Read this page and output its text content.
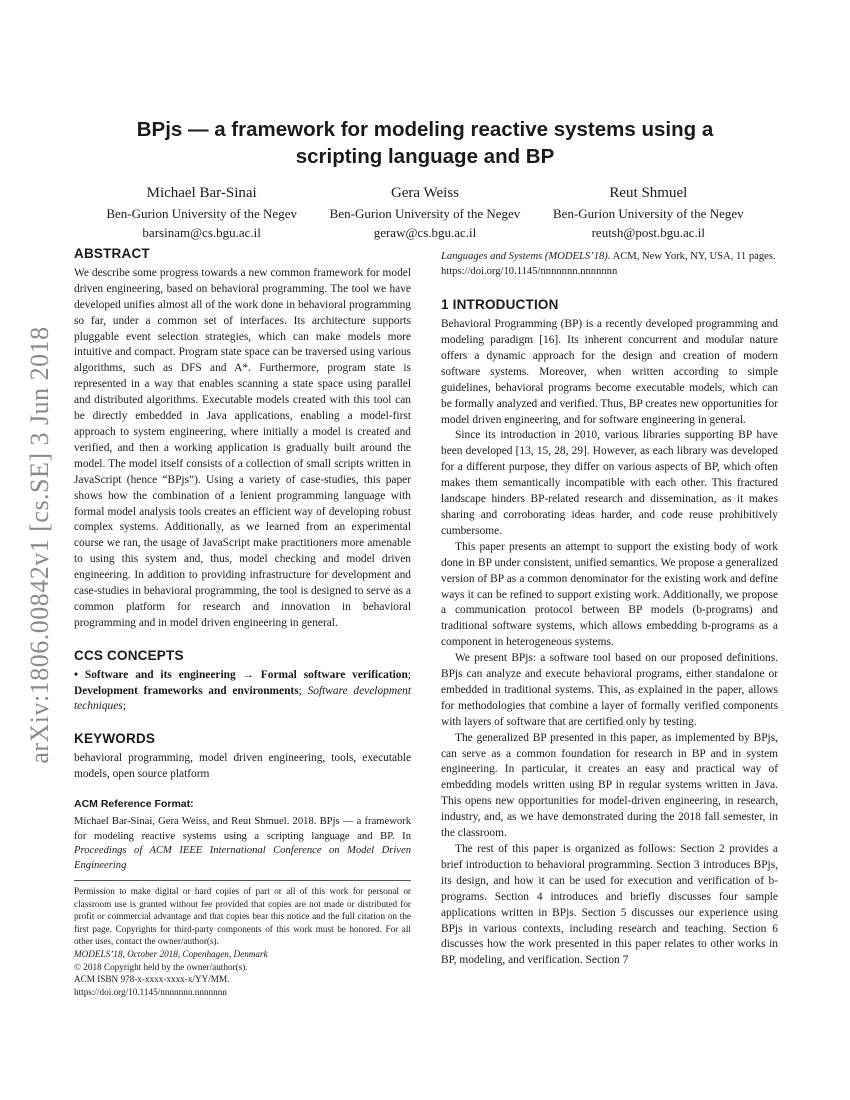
arXiv:1806.00842v1 [cs.SE] 3 Jun 2018
BPjs — a framework for modeling reactive systems using a
scripting language and BP
Michael Bar-Sinai
Ben-Gurion University of the Negev
barsinam@cs.bgu.ac.il
Gera Weiss
Ben-Gurion University of the Negev
geraw@cs.bgu.ac.il
Reut Shmuel
Ben-Gurion University of the Negev
reutsh@post.bgu.ac.il
ABSTRACT

We describe some progress towards a new common framework for model driven engineering, based on behavioral programming. The tool we have developed unifies almost all of the work done in behavioral programming so far, under a common set of interfaces. Its architecture supports pluggable event selection strategies, which can make models more intuitive and compact. Program state space can be traversed using various algorithms, such as DFS and A*. Furthermore, program state is represented in a way that enables scanning a state space using parallel and distributed algorithms. Executable models created with this tool can be directly embedded in Java applications, enabling a model-first approach to system engineering, where initially a model is created and verified, and then a working application is gradually built around the model. The model itself consists of a collection of small scripts written in JavaScript (hence “BPjs”). Using a variety of case-studies, this paper shows how the combination of a lenient programming language with formal model analysis tools creates an efficient way of developing robust complex systems. Additionally, as we learned from an experimental course we ran, the usage of JavaScript make practitioners more amenable to using this system and, thus, model checking and model driven engineering. In addition to providing infrastructure for development and case-studies in behavioral programming, the tool is designed to serve as a common platform for research and innovation in behavioral programming and in model driven engineering in general.

CCS CONCEPTS

• Software and its engineering → Formal software verification; Development frameworks and environments; Software development techniques;

KEYWORDS

behavioral programming, model driven engineering, tools, executable models, open source platform

ACM Reference Format:

Michael Bar-Sinai, Gera Weiss, and Reut Shmuel. 2018. BPjs — a framework for modeling reactive systems using a scripting language and BP. In Proceedings of ACM IEEE International Conference on Model Driven Engineering

Permission to make digital or hard copies of part or all of this work for personal or classroom use is granted without fee provided that copies are not made or distributed for profit or commercial advantage and that copies bear this notice and the full citation on the first page. Copyrights for third-party components of this work must be honored. For all other uses, contact the owner/author(s).
MODELS’18, October 2018, Copenhagen, Denmark
© 2018 Copyright held by the owner/author(s).
ACM ISBN 978-x-xxxx-xxxx-x/YY/MM.
https://doi.org/10.1145/nnnnnnn.nnnnnnn

Languages and Systems (MODELS’18). ACM, New York, NY, USA, 11 pages. https://doi.org/10.1145/nnnnnnn.nnnnnnn

1 INTRODUCTION

Behavioral Programming (BP) is a recently developed programming and modeling paradigm [16]. Its inherent concurrent and modular nature offers a dynamic approach for the design and creation of modern software systems. Moreover, when written according to simple guidelines, behavioral programs become executable models, which can be formally analyzed and verified. Thus, BP creates new opportunities for model driven engineering, and for software engineering in general.

Since its introduction in 2010, various libraries supporting BP have been developed [13, 15, 28, 29]. However, as each library was developed for a different purpose, they differ on various aspects of BP, which often makes them semantically incompatible with each other. This fractured landscape hinders BP-related research and dissemination, as it makes sharing and corroborating ideas harder, and code reuse prohibitively cumbersome.

This paper presents an attempt to support the existing body of work done in BP under consistent, unified semantics. We propose a generalized version of BP as a common denominator for the existing work and define ways it can be refined to support existing work. Additionally, we propose a communication protocol between BP models (b-programs) and traditional software systems, which allows embedding b-programs as a component in heterogeneous systems.

We present BPjs: a software tool based on our proposed definitions. BPjs can analyze and execute behavioral programs, either standalone or embedded in traditional systems. This, as explained in the paper, allows for methodologies that combine a layer of formally verified components with layers of software that are certified only by testing.

The generalized BP presented in this paper, as implemented by BPjs, can serve as a common foundation for research in BP and in system engineering. In particular, it creates an easy and practical way of embedding models written using BP in regular systems written in Java. This opens new opportunities for model-driven engineering, in research, industry, and, as we have demonstrated during the 2018 fall semester, in the classroom.

The rest of this paper is organized as follows: Section 2 provides a brief introduction to behavioral programming. Section 3 introduces BPjs, its design, and how it can be used for execution and verification of b-programs. Section 4 introduces and briefly discusses four sample applications written in BPjs. Section 5 discusses our experience using BPjs in various contexts, including research and teaching. Section 6 discusses how the work presented in this paper relates to other works in BP, modeling, and verification. Section 7
